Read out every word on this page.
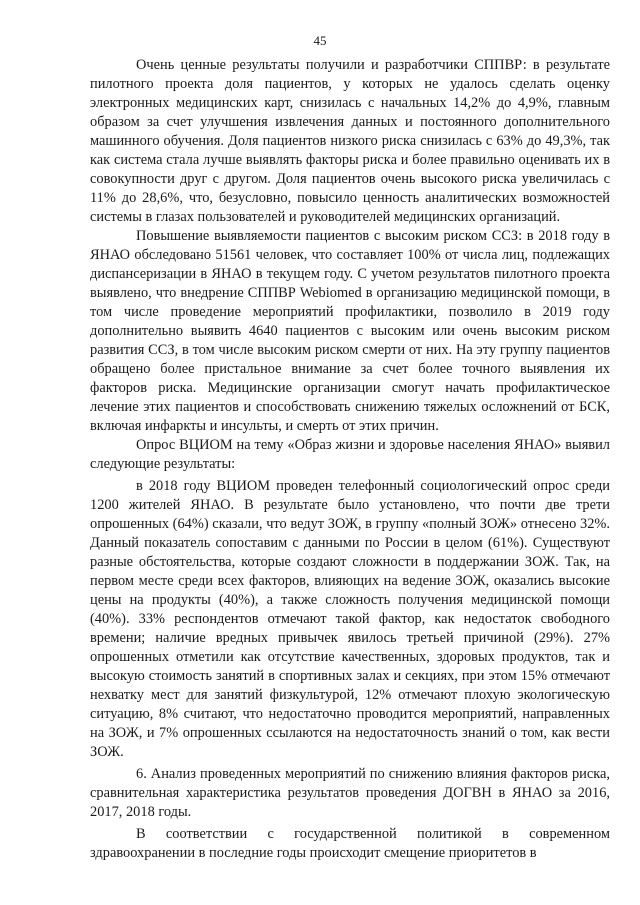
45

Очень ценные результаты получили и разработчики СППВР: в результате пилотного проекта доля пациентов, у которых не удалось сделать оценку электронных медицинских карт, снизилась с начальных 14,2% до 4,9%, главным образом за счет улучшения извлечения данных и постоянного дополнительного машинного обучения. Доля пациентов низкого риска снизилась с 63% до 49,3%, так как система стала лучше выявлять факторы риска и более правильно оценивать их в совокупности друг с другом. Доля пациентов очень высокого риска увеличилась с 11% до 28,6%, что, безусловно, повысило ценность аналитических возможностей системы в глазах пользователей и руководителей медицинских организаций.

Повышение выявляемости пациентов с высоким риском ССЗ: в 2018 году в ЯНАО обследовано 51561 человек, что составляет 100% от числа лиц, подлежащих диспансеризации в ЯНАО в текущем году. С учетом результатов пилотного проекта выявлено, что внедрение СППВР Webiomed в организацию медицинской помощи, в том числе проведение мероприятий профилактики, позволило в 2019 году дополнительно выявить 4640 пациентов с высоким или очень высоким риском развития ССЗ, в том числе высоким риском смерти от них. На эту группу пациентов обращено более пристальное внимание за счет более точного выявления их факторов риска. Медицинские организации смогут начать профилактическое лечение этих пациентов и способствовать снижению тяжелых осложнений от БСК, включая инфаркты и инсульты, и смерть от этих причин.

Опрос ВЦИОМ на тему «Образ жизни и здоровье населения ЯНАО» выявил следующие результаты:

в 2018 году ВЦИОМ проведен телефонный социологический опрос среди 1200 жителей ЯНАО. В результате было установлено, что почти две трети опрошенных (64%) сказали, что ведут ЗОЖ, в группу «полный ЗОЖ» отнесено 32%. Данный показатель сопоставим с данными по России в целом (61%). Существуют разные обстоятельства, которые создают сложности в поддержании ЗОЖ. Так, на первом месте среди всех факторов, влияющих на ведение ЗОЖ, оказались высокие цены на продукты (40%), а также сложность получения медицинской помощи (40%). 33% респондентов отмечают такой фактор, как недостаток свободного времени; наличие вредных привычек явилось третьей причиной (29%). 27% опрошенных отметили как отсутствие качественных, здоровых продуктов, так и высокую стоимость занятий в спортивных залах и секциях, при этом 15% отмечают нехватку мест для занятий физкультурой, 12% отмечают плохую экологическую ситуацию, 8% считают, что недостаточно проводится мероприятий, направленных на ЗОЖ, и 7% опрошенных ссылаются на недостаточность знаний о том, как вести ЗОЖ.

6. Анализ проведенных мероприятий по снижению влияния факторов риска, сравнительная характеристика результатов проведения ДОГВН в ЯНАО за 2016, 2017, 2018 годы.

В соответствии с государственной политикой в современном здравоохранении в последние годы происходит смещение приоритетов в
